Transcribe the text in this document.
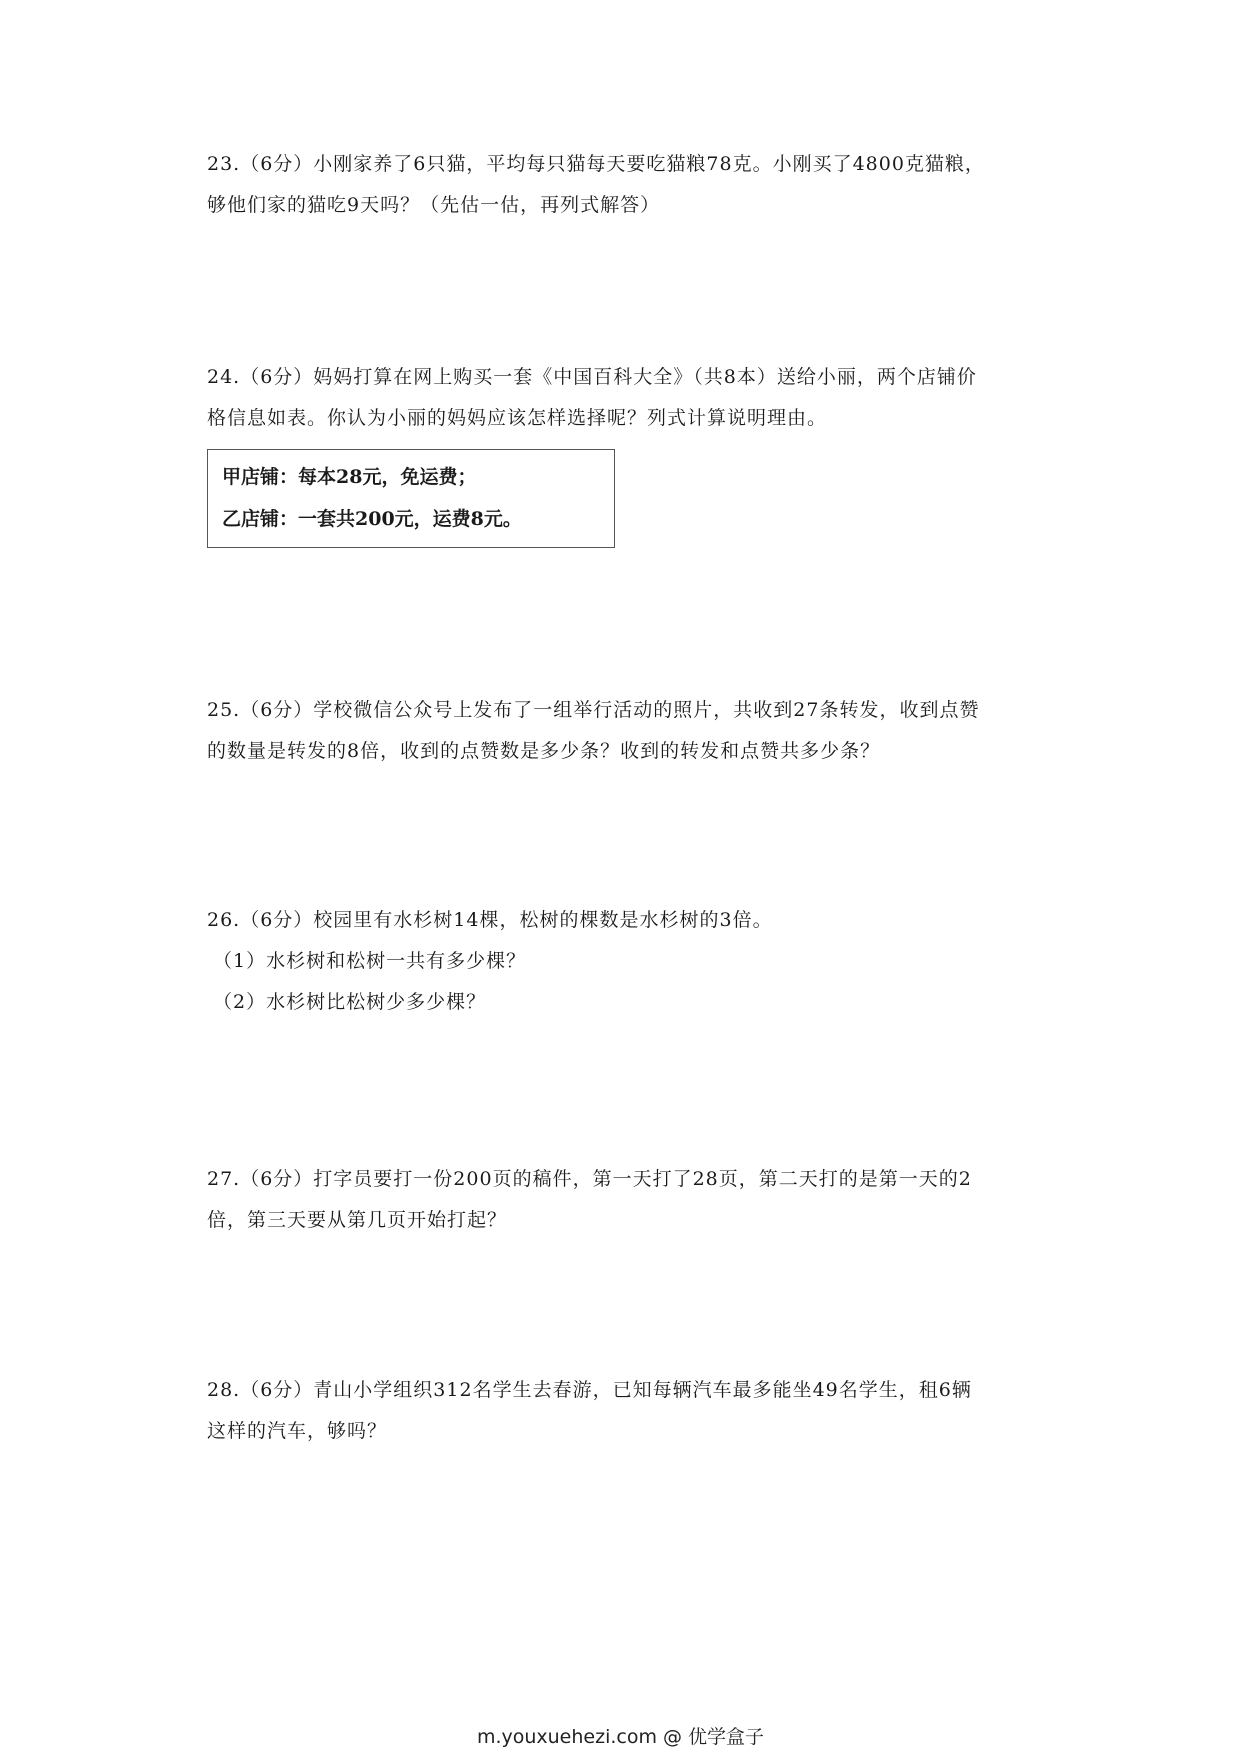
23.（6分）小刚家养了6只猫，平均每只猫每天要吃猫粮78克。小刚买了4800克猫粮，

够他们家的猫吃9天吗？（先估一估，再列式解答）

24.（6分）妈妈打算在网上购买一套《中国百科大全》（共8本）送给小丽，两个店铺价

格信息如表。你认为小丽的妈妈应该怎样选择呢？列式计算说明理由。

甲店铺：每本28元，免运费；

乙店铺：一套共200元，运费8元。

25.（6分）学校微信公众号上发布了一组举行活动的照片，共收到27条转发，收到点赞

的数量是转发的8倍，收到的点赞数是多少条？收到的转发和点赞共多少条？

26.（6分）校园里有水杉树14棵，松树的棵数是水杉树的3倍。

（1）水杉树和松树一共有多少棵？

（2）水杉树比松树少多少棵？

27.（6分）打字员要打一份200页的稿件，第一天打了28页，第二天打的是第一天的2

倍，第三天要从第几页开始打起？

28.（6分）青山小学组织312名学生去春游，已知每辆汽车最多能坐49名学生，租6辆

这样的汽车，够吗？

m.youxuehezi.com @ 优学盒子
